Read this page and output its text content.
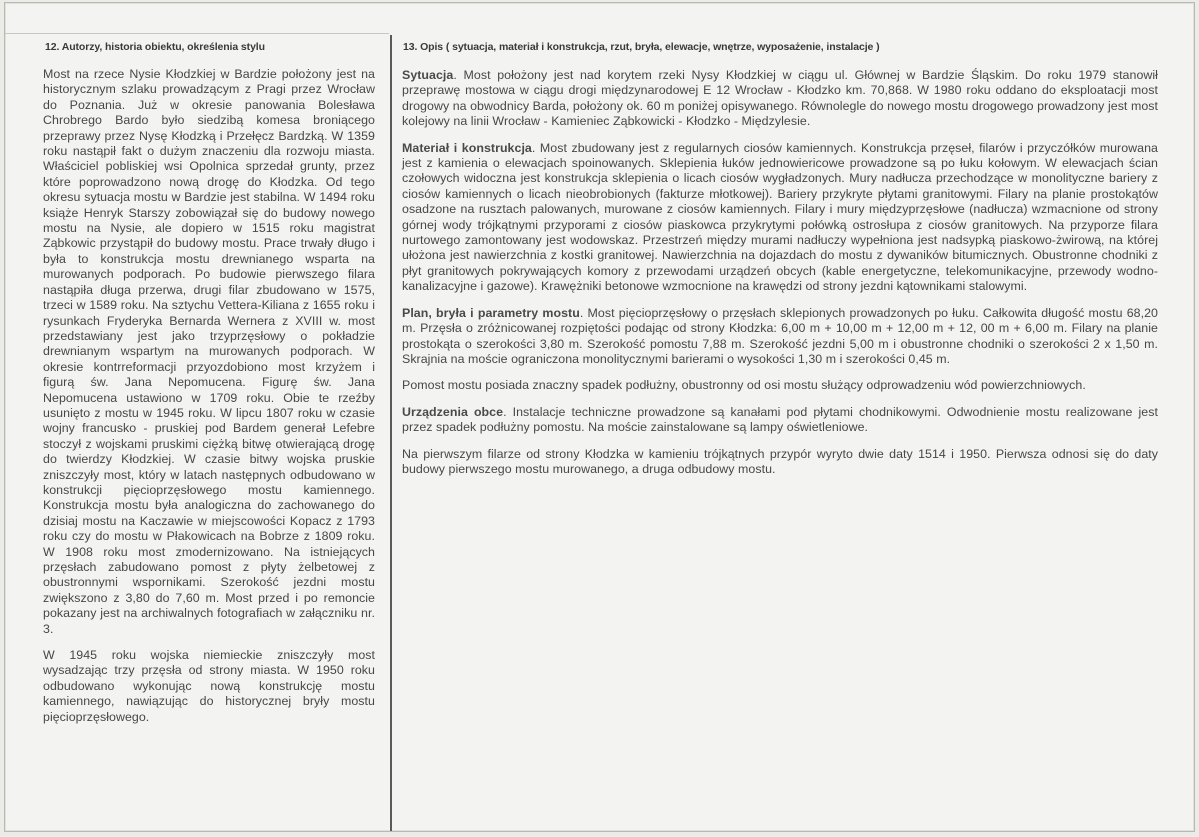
12. Autorzy, historia obiektu, określenia stylu

Most na rzece Nysie Kłodzkiej w Bardzie położony jest na historycznym szlaku prowadzącym z Pragi przez Wrocław do Poznania. Już w okresie panowania Bolesława Chrobrego Bardo było siedzibą komesa broniącego przeprawy przez Nysę Kłodzką i Przełęcz Bardzką. W 1359 roku nastąpił fakt o dużym znaczeniu dla rozwoju miasta. Właściciel pobliskiej wsi Opolnica sprzedał grunty, przez które poprowadzono nową drogę do Kłodzka. Od tego okresu sytuacja mostu w Bardzie jest stabilna. W 1494 roku książe Henryk Starszy zobowiązał się do budowy nowego mostu na Nysie, ale dopiero w 1515 roku magistrat Ząbkowic przystąpił do budowy mostu. Prace trwały długo i była to konstrukcja mostu drewnianego wsparta na murowanych podporach. Po budowie pierwszego filara nastąpiła długa przerwa, drugi filar zbudowano w 1575, trzeci w 1589 roku. Na sztychu Vettera-Kiliana z 1655 roku i rysunkach Fryderyka Bernarda Wernera z XVIII w. most przedstawiany jest jako trzyprzęsłowy o pokładzie drewnianym wspartym na murowanych podporach. W okresie kontrreformacji przyozdobiono most krzyżem i figurą św. Jana Nepomucena. Figurę św. Jana Nepomucena ustawiono w 1709 roku. Obie te rzeźby usunięto z mostu w 1945 roku. W lipcu 1807 roku w czasie wojny francusko - pruskiej pod Bardem generał Lefebre stoczył z wojskami pruskimi ciężką bitwę otwierającą drogę do twierdzy Kłodzkiej. W czasie bitwy wojska pruskie zniszczyły most, który w latach następnych odbudowano w konstrukcji pięcioprzęsłowego mostu kamiennego. Konstrukcja mostu była analogiczna do zachowanego do dzisiaj mostu na Kaczawie w miejscowości Kopacz z 1793 roku czy do mostu w Płakowicach na Bobrze z 1809 roku. W 1908 roku most zmodernizowano. Na istniejących przęsłach zabudowano pomost z płyty żelbetowej z obustronnymi wspornikami. Szerokość jezdni mostu zwiększono z 3,80 do 7,60 m. Most przed i po remoncie pokazany jest na archiwalnych fotografiach w załączniku nr. 3.

W 1945 roku wojska niemieckie zniszczyły most wysadzając trzy przęsła od strony miasta. W 1950 roku odbudowano wykonując nową konstrukcję mostu kamiennego, nawiązując do historycznej bryły mostu pięcioprzęsłowego.

13. Opis ( sytuacja, materiał i konstrukcja, rzut, bryła, elewacje, wnętrze, wyposażenie, instalacje )

Sytuacja. Most położony jest nad korytem rzeki Nysy Kłodzkiej w ciągu ul. Głównej w Bardzie Śląskim. Do roku 1979 stanowił przeprawę mostowa w ciągu drogi międzynarodowej E 12 Wrocław - Kłodzko km. 70,868. W 1980 roku oddano do eksploatacji most drogowy na obwodnicy Barda, położony ok. 60 m poniżej opisywanego. Równolegle do nowego mostu drogowego prowadzony jest most kolejowy na linii Wrocław - Kamieniec Ząbkowicki - Kłodzko - Międzylesie.

Materiał i konstrukcja. Most zbudowany jest z regularnych ciosów kamiennych. Konstrukcja przęseł, filarów i przyczółków murowana jest z kamienia o elewacjach spoinowanych. Sklepienia łuków jednowiericowe prowadzone są po łuku kołowym. W elewacjach ścian czołowych widoczna jest konstrukcja sklepienia o licach ciosów wygładzonych. Mury nadłucza przechodzące w monolityczne bariery z ciosów kamiennych o licach nieobrobionych (fakturze młotkowej). Bariery przykryte płytami granitowymi. Filary na planie prostokątów osadzone na rusztach palowanych, murowane z ciosów kamiennych. Filary i mury międzyprzęsłowe (nadłucza) wzmacnione od strony górnej wody trójkątnymi przyporami z ciosów piaskowca przykrytymi połówką ostrosłupa z ciosów granitowych. Na przyporze filara nurtowego zamontowany jest wodowskaz. Przestrzeń między murami nadłuczy wypełniona jest nadsypką piaskowo-żwirową, na której ułożona jest nawierzchnia z kostki granitowej. Nawierzchnia na dojazdach do mostu z dywaników bitumicznych. Obustronne chodniki z płyt granitowych pokrywających komory z przewodami urządzeń obcych (kable energetyczne, telekomunikacyjne, przewody wodno-kanalizacyjne i gazowe). Krawężniki betonowe wzmocnione na krawędzi od strony jezdni kątownikami stalowymi.

Plan, bryła i parametry mostu. Most pięcioprzęsłowy o przęsłach sklepionych prowadzonych po łuku. Całkowita długość mostu 68,20 m. Przęsła o zróżnicowanej rozpiętości podając od strony Kłodzka: 6,00 m + 10,00 m + 12,00 m + 12, 00 m + 6,00 m. Filary na planie prostokąta o szerokości 3,80 m. Szerokość pomostu 7,88 m. Szerokość jezdni 5,00 m i obustronne chodniki o szerokości 2 x 1,50 m. Skrajnia na moście ograniczona monolitycznymi barierami o wysokości 1,30 m i szerokości 0,45 m.

Pomost mostu posiada znaczny spadek podłużny, obustronny od osi mostu służący odprowadzeniu wód powierzchniowych.

Urządzenia obce. Instalacje techniczne prowadzone są kanałami pod płytami chodnikowymi. Odwodnienie mostu realizowane jest przez spadek podłużny pomostu. Na moście zainstalowane są lampy oświetleniowe.

Na pierwszym filarze od strony Kłodzka w kamieniu trójkątnych przypór wyryto dwie daty 1514 i 1950. Pierwsza odnosi się do daty budowy pierwszego mostu murowanego, a druga odbudowy mostu.
